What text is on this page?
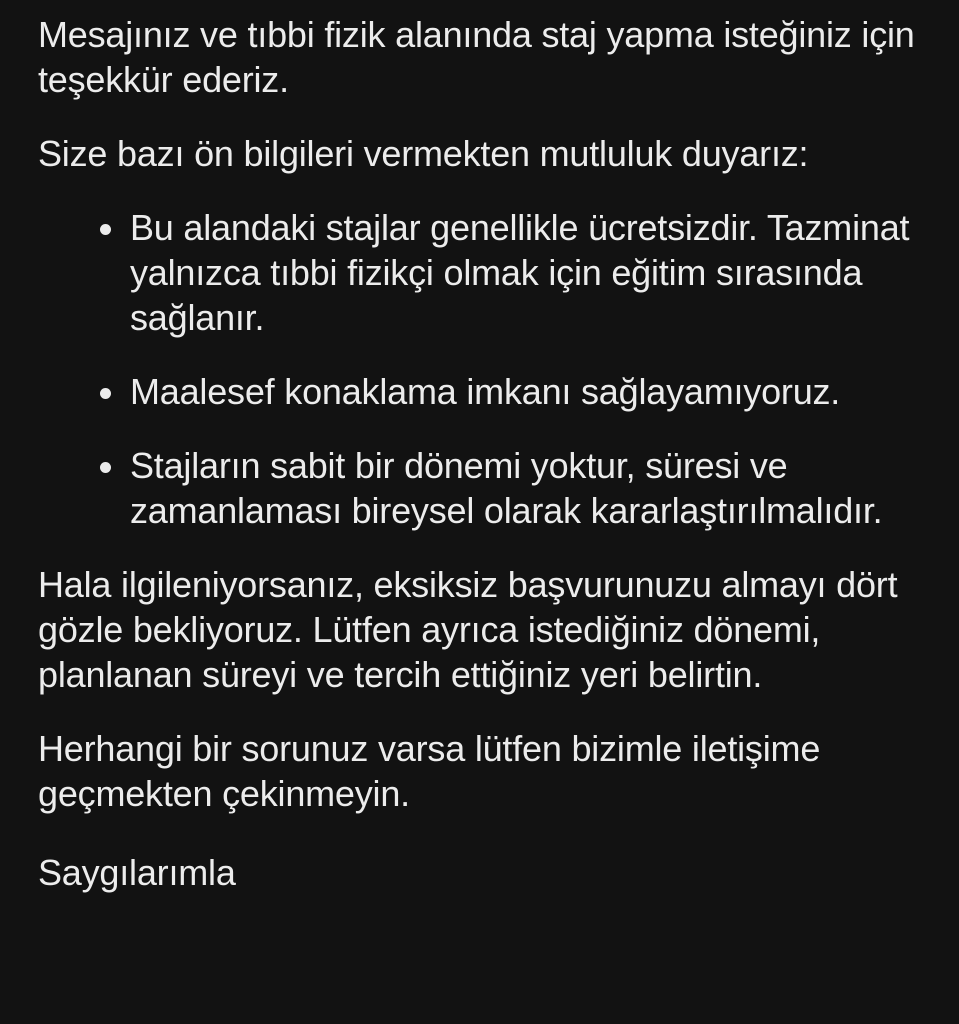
Mesajınız ve tıbbi fizik alanında staj yapma isteğiniz için teşekkür ederiz.

Size bazı ön bilgileri vermekten mutluluk duyarız:

Bu alandaki stajlar genellikle ücretsizdir. Tazminat yalnızca tıbbi fizikçi olmak için eğitim sırasında sağlanır.
Maalesef konaklama imkanı sağlayamıyoruz.
Stajların sabit bir dönemi yoktur, süresi ve zamanlaması bireysel olarak kararlaştırılmalıdır.

Hala ilgileniyorsanız, eksiksiz başvurunuzu almayı dört gözle bekliyoruz. Lütfen ayrıca istediğiniz dönemi, planlanan süreyi ve tercih ettiğiniz yeri belirtin.

Herhangi bir sorunuz varsa lütfen bizimle iletişime geçmekten çekinmeyin.

Saygılarımla
